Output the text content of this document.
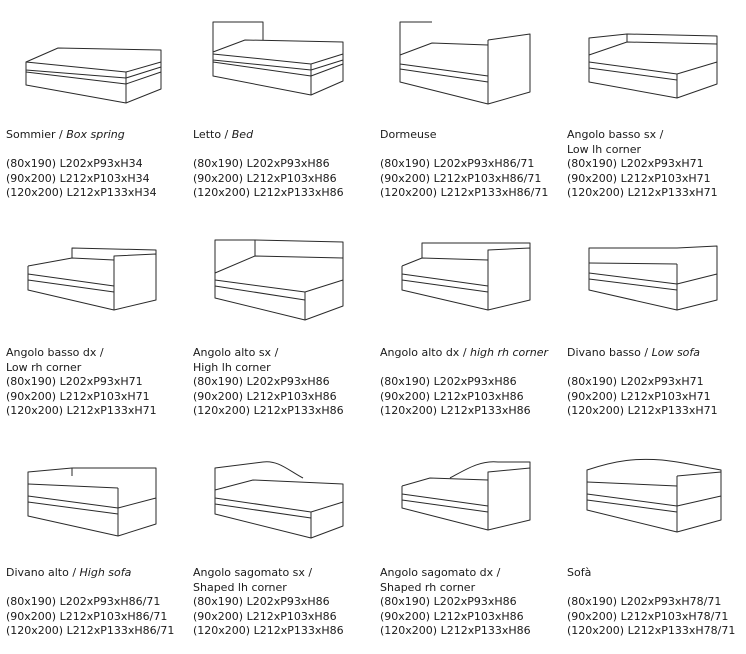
Sommier / Box spring
(80x190) L202xP93xH34
(90x200) L212xP103xH34
(120x200) L212xP133xH34
Letto / Bed
(80x190) L202xP93xH86
(90x200) L212xP103xH86
(120x200) L212xP133xH86
Dormeuse
(80x190) L202xP93xH86/71
(90x200) L212xP103xH86/71
(120x200) L212xP133xH86/71
Angolo basso sx /
Low lh corner
(80x190) L202xP93xH71
(90x200) L212xP103xH71
(120x200) L212xP133xH71
Angolo basso dx /
Low rh corner
(80x190) L202xP93xH71
(90x200) L212xP103xH71
(120x200) L212xP133xH71
Angolo alto sx /
High lh corner
(80x190) L202xP93xH86
(90x200) L212xP103xH86
(120x200) L212xP133xH86
Angolo alto dx / high rh corner
(80x190) L202xP93xH86
(90x200) L212xP103xH86
(120x200) L212xP133xH86
Divano basso / Low sofa
(80x190) L202xP93xH71
(90x200) L212xP103xH71
(120x200) L212xP133xH71
Divano alto / High sofa
(80x190) L202xP93xH86/71
(90x200) L212xP103xH86/71
(120x200) L212xP133xH86/71
Angolo sagomato sx /
Shaped lh corner
(80x190) L202xP93xH86
(90x200) L212xP103xH86
(120x200) L212xP133xH86
Angolo sagomato dx /
Shaped rh corner
(80x190) L202xP93xH86
(90x200) L212xP103xH86
(120x200) L212xP133xH86
Sofà
(80x190) L202xP93xH78/71
(90x200) L212xP103xH78/71
(120x200) L212xP133xH78/71
